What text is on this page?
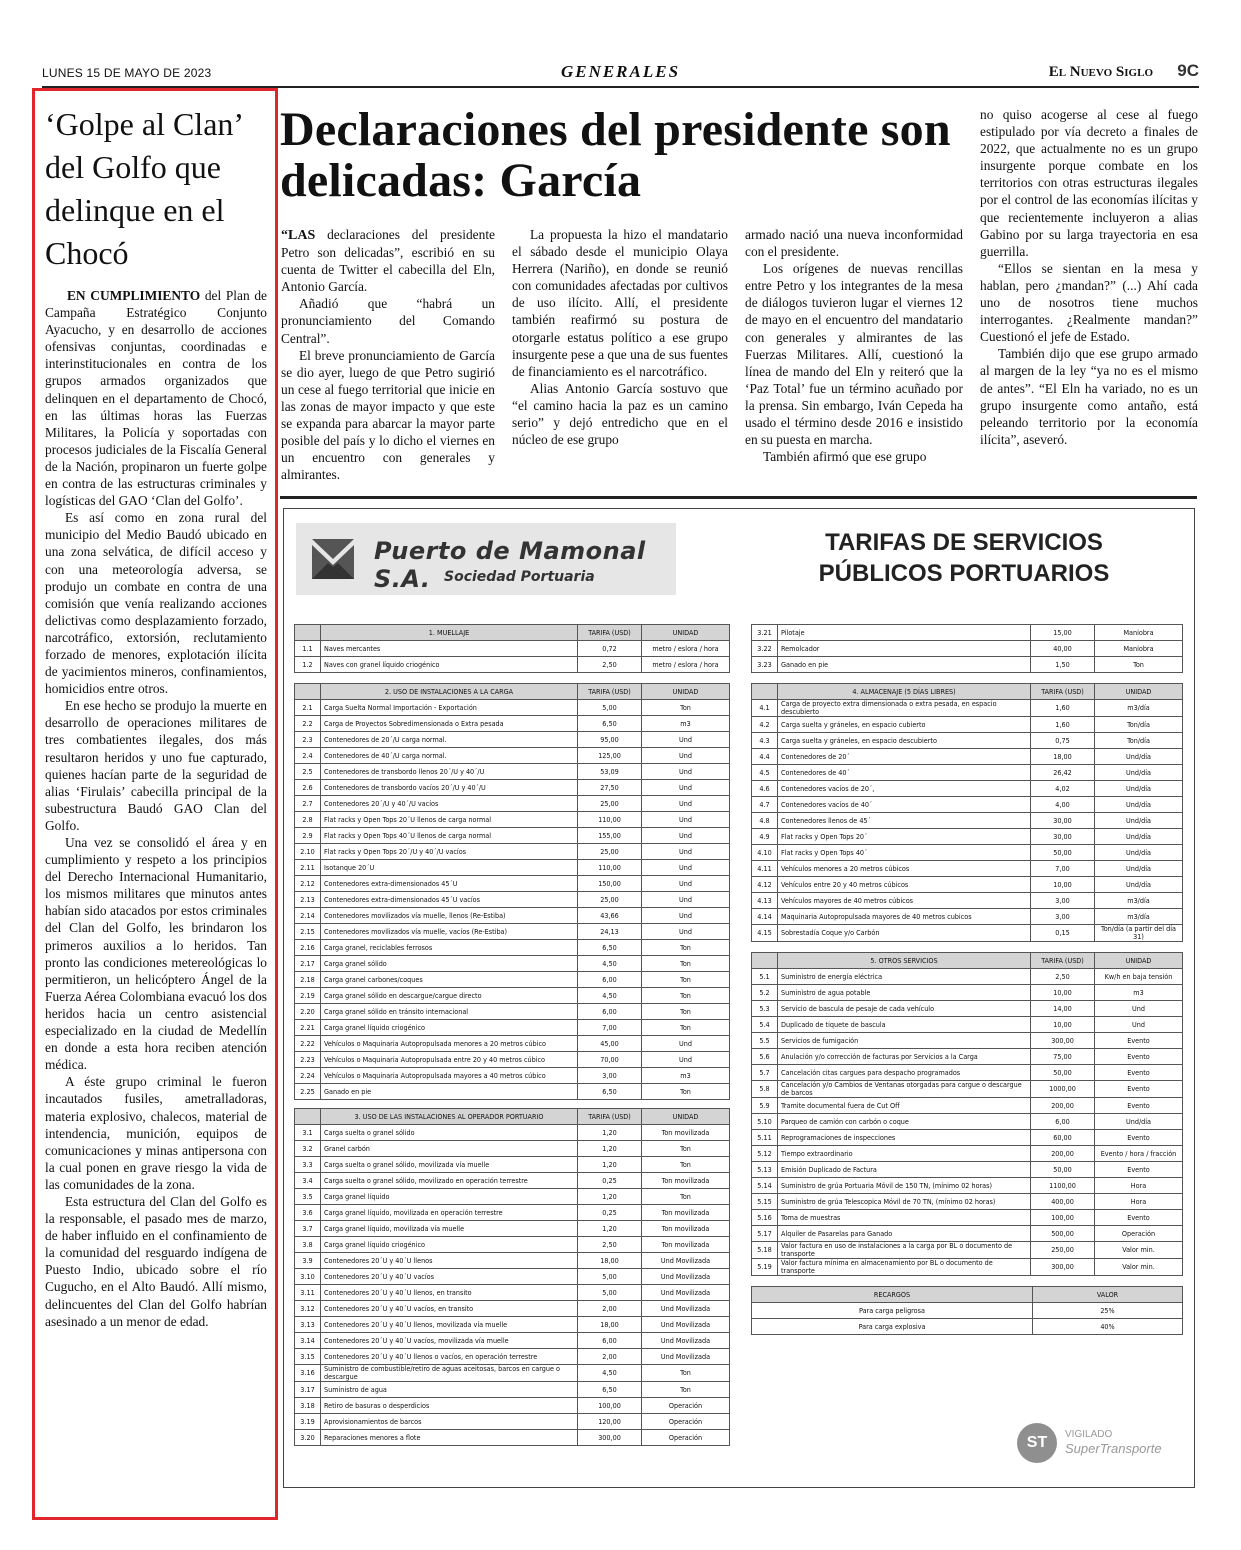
LUNES 15 DE MAYO DE 2023	GENERALES	El Nuevo Siglo 9C
‘Golpe al Clan’ del Golfo que delinque en el Chocó

EN CUMPLIMIENTO del Plan de Campaña Estratégico Conjunto Ayacucho, y en desarrollo de acciones ofensivas conjuntas, coordinadas e interinstitucionales en contra de los grupos armados organizados que delinquen en el departamento de Chocó, en las últimas horas las Fuerzas Militares, la Policía y soportadas con procesos judiciales de la Fiscalía General de la Nación, propinaron un fuerte golpe en contra de las estructuras criminales y logísticas del GAO ‘Clan del Golfo’.

Es así como en zona rural del municipio del Medio Baudó ubicado en una zona selvática, de difícil acceso y con una meteorología adversa, se produjo un combate en contra de una comisión que venía realizando acciones delictivas como desplazamiento forzado, narcotráfico, extorsión, reclutamiento forzado de menores, explotación ilícita de yacimientos mineros, confinamientos, homicidios entre otros.

En ese hecho se produjo la muerte en desarrollo de operaciones militares de tres combatientes ilegales, dos más resultaron heridos y uno fue capturado, quienes hacían parte de la seguridad de alias ‘Firulais’ cabecilla principal de la subestructura Baudó GAO Clan del Golfo.

Una vez se consolidó el área y en cumplimiento y respeto a los principios del Derecho Internacional Humanitario, los mismos militares que minutos antes habían sido atacados por estos criminales del Clan del Golfo, les brindaron los primeros auxilios a lo heridos. Tan pronto las condiciones metereológicas lo permitieron, un helicóptero Ángel de la Fuerza Aérea Colombiana evacuó los dos heridos hacia un centro asistencial especializado en la ciudad de Medellín en donde a esta hora reciben atención médica.

A éste grupo criminal le fueron incautados fusiles, ametralladoras, materia explosivo, chalecos, material de intendencia, munición, equipos de comunicaciones y minas antipersona con la cual ponen en grave riesgo la vida de las comunidades de la zona.

Esta estructura del Clan del Golfo es la responsable, el pasado mes de marzo, de haber influido en el confinamiento de la comunidad del resguardo indígena de Puesto Indio, ubicado sobre el río Cugucho, en el Alto Baudó. Allí mismo, delincuentes del Clan del Golfo habrían asesinado a un menor de edad.

Declaraciones del presidente son delicadas: García

“LAS declaraciones del presidente Petro son delicadas”, escribió en su cuenta de Twitter el cabecilla del Eln, Antonio García.

Añadió que “habrá un pronunciamiento del Comando Central”.

El breve pronunciamiento de García se dio ayer, luego de que Petro sugirió un cese al fuego territorial que inicie en las zonas de mayor impacto y que este se expanda para abarcar la mayor parte posible del país y lo dicho el viernes en un encuentro con generales y almirantes.

La propuesta la hizo el mandatario el sábado desde el municipio Olaya Herrera (Nariño), en donde se reunió con comunidades afectadas por cultivos de uso ilícito. Allí, el presidente también reafirmó su postura de otorgarle estatus político a ese grupo insurgente pese a que una de sus fuentes de financiamiento es el narcotráfico.

Alias Antonio García sostuvo que “el camino hacia la paz es un camino serio” y dejó entredicho que en el núcleo de ese grupo

armado nació una nueva inconformidad con el presidente.

Los orígenes de nuevas rencillas entre Petro y los integrantes de la mesa de diálogos tuvieron lugar el viernes 12 de mayo en el encuentro del mandatario con generales y almirantes de las Fuerzas Militares. Allí, cuestionó la línea de mando del Eln y reiteró que la ‘Paz Total’ fue un término acuñado por la prensa. Sin embargo, Iván Cepeda ha usado el término desde 2016 e insistido en su puesta en marcha.

También afirmó que ese grupo

no quiso acogerse al cese al fuego estipulado por vía decreto a finales de 2022, que actualmente no es un grupo insurgente porque combate en los territorios con otras estructuras ilegales por el control de las economías ilícitas y que recientemente incluyeron a alias Gabino por su larga trayectoria en esa guerrilla.

“Ellos se sientan en la mesa y hablan, pero ¿mandan?” (...) Ahí cada uno de nosotros tiene muchos interrogantes. ¿Realmente mandan?” Cuestionó el jefe de Estado.

También dijo que ese grupo armado al margen de la ley “ya no es el mismo de antes”. “El Eln ha variado, no es un grupo insurgente como antaño, está peleando territorio por la economía ilícita”, aseveró.

Puerto de Mamonal S.A. Sociedad Portuaria
TARIFAS DE SERVICIOS PÚBLICOS PORTUARIOS
ST	VIGILADO
SuperTransporte
	1. MUELLAJE	TARIFA (USD)	UNIDAD
1.1	Naves mercantes	0,72	metro / eslora / hora
1.2	Naves con granel líquido criogénico	2,50	metro / eslora / hora
	2. USO DE INSTALACIONES A LA CARGA	TARIFA (USD)	UNIDAD
2.1	Carga Suelta Normal Importación - Exportación	5,00	Ton
2.2	Carga de Proyectos Sobredimensionada o Extra pesada	6,50	m3
2.3	Contenedores de 20´/U carga normal.	95,00	Und
2.4	Contenedores de 40´/U carga normal.	125,00	Und
2.5	Contenedores de transbordo llenos 20´/U y 40´/U	53,09	Und
2.6	Contenedores de transbordo vacíos 20´/U y 40´/U	27,50	Und
2.7	Contenedores 20´/U y 40´/U vacíos	25,00	Und
2.8	Flat racks y Open Tops 20´U llenos de carga normal	110,00	Und
2.9	Flat racks y Open Tops 40´U llenos de carga normal	155,00	Und
2.10	Flat racks y Open Tops 20´/U y 40´/U vacíos	25,00	Und
2.11	Isotanque 20´U	110,00	Und
2.12	Contenedores extra-dimensionados 45´U	150,00	Und
2.13	Contenedores extra-dimensionados 45´U vacíos	25,00	Und
2.14	Contenedores movilizados vía muelle, llenos (Re-Estiba)	43,66	Und
2.15	Contenedores movilizados vía muelle, vacíos (Re-Estiba)	24,13	Und
2.16	Carga granel, reciclables ferrosos	6,50	Ton
2.17	Carga granel sólido	4,50	Ton
2.18	Carga granel carbones/coques	6,00	Ton
2.19	Carga granel sólido en descargue/cargue directo	4,50	Ton
2.20	Carga granel sólido en tránsito internacional	6,00	Ton
2.21	Carga granel líquido criogénico	7,00	Ton
2.22	Vehículos o Maquinaria Autopropulsada menores a 20 metros cúbico	45,00	Und
2.23	Vehículos o Maquinaria Autopropulsada entre 20 y 40 metros cúbico	70,00	Und
2.24	Vehículos o Maquinaria Autopropulsada mayores a 40 metros cúbico	3,00	m3
2.25	Ganado en pie	6,50	Ton
	3. USO DE LAS INSTALACIONES AL OPERADOR PORTUARIO	TARIFA (USD)	UNIDAD
3.1	Carga suelta o granel sólido	1,20	Ton movilizada
3.2	Granel carbón	1,20	Ton
3.3	Carga suelta o granel sólido, movilizada vía muelle	1,20	Ton
3.4	Carga suelta o granel sólido, movilizado en operación terrestre	0,25	Ton movilizada
3.5	Carga granel líquido	1,20	Ton
3.6	Carga granel líquido, movilizada en operación terrestre	0,25	Ton movilizada
3.7	Carga granel líquido, movilizada vía muelle	1,20	Ton movilizada
3.8	Carga granel líquido criogénico	2,50	Ton movilizada
3.9	Contenedores 20´U y 40´U llenos	18,00	Und Movilizada
3.10	Contenedores 20´U y 40´U vacíos	5,00	Und Movilizada
3.11	Contenedores 20´U y 40´U llenos, en transito	5,00	Und Movilizada
3.12	Contenedores 20´U y 40´U vacíos, en transito	2,00	Und Movilizada
3.13	Contenedores 20´U y 40´U llenos, movilizada vía muelle	18,00	Und Movilizada
3.14	Contenedores 20´U y 40´U vacíos, movilizada vía muelle	6,00	Und Movilizada
3.15	Contenedores 20´U y 40´U llenos o vacíos, en operación terrestre	2,00	Und Movilizada
3.16	Suministro de combustible/retiro de aguas aceitosas, barcos en cargue o descargue	4,50	Ton
3.17	Suministro de agua	6,50	Ton
3.18	Retiro de basuras o desperdicios	100,00	Operación
3.19	Aprovisionamientos de barcos	120,00	Operación
3.20	Reparaciones menores a flote	300,00	Operación
3.21	Pilotaje	15,00	Maniobra
3.22	Remolcador	40,00	Maniobra
3.23	Ganado en pie	1,50	Ton
	4. ALMACENAJE (5 DÍAS LIBRES)	TARIFA (USD)	UNIDAD
4.1	Carga de proyecto extra dimensionada o extra pesada, en espacio descubierto	1,60	m3/día
4.2	Carga suelta y gráneles, en espacio cubierto	1,60	Ton/día
4.3	Carga suelta y gráneles, en espacio descubierto	0,75	Ton/día
4.4	Contenedores de 20´	18,00	Und/día
4.5	Contenedores de 40´	26,42	Und/día
4.6	Contenedores vacíos de 20´,	4,02	Und/día
4.7	Contenedores vacíos de 40´	4,00	Und/día
4.8	Contenedores llenos de 45´	30,00	Und/día
4.9	Flat racks y Open Tops 20´	30,00	Und/día
4.10	Flat racks y Open Tops 40´	50,00	Und/día
4.11	Vehículos menores a 20 metros cúbicos	7,00	Und/día
4.12	Vehículos entre 20 y 40 metros cúbicos	10,00	Und/día
4.13	Vehículos mayores de 40 metros cúbicos	3,00	m3/día
4.14	Maquinaria Autopropulsada mayores de 40 metros cubicos	3,00	m3/día
4.15	Sobrestadía Coque y/o Carbón	0,15	Ton/día (a partir del día 31)
	5. OTROS SERVICIOS	TARIFA (USD)	UNIDAD
5.1	Suministro de energía eléctrica	2,50	Kw/h en baja tensión
5.2	Suministro de agua potable	10,00	m3
5.3	Servicio de bascula de pesaje de cada vehículo	14,00	Und
5.4	Duplicado de tiquete de bascula	10,00	Und
5.5	Servicios de fumigación	300,00	Evento
5.6	Anulación y/o corrección de facturas por Servicios a la Carga	75,00	Evento
5.7	Cancelación citas cargues para despacho programados	50,00	Evento
5.8	Cancelación y/o Cambios de Ventanas otorgadas para cargue o descargue de barcos	1000,00	Evento
5.9	Tramite documental fuera de Cut Off	200,00	Evento
5.10	Parqueo de camión con carbón o coque	6,00	Und/día
5.11	Reprogramaciones de inspecciones	60,00	Evento
5.12	Tiempo extraordinario	200,00	Evento / hora / fracción
5.13	Emisión Duplicado de Factura	50,00	Evento
5.14	Suministro de grúa Portuaria Móvil de 150 TN, (mínimo 02 horas)	1100,00	Hora
5.15	Suministro de grúa Telescopica Móvil de 70 TN, (mínimo 02 horas)	400,00	Hora
5.16	Toma de muestras	100,00	Evento
5.17	Alquiler de Pasarelas para Ganado	500,00	Operación
5.18	Valor factura en uso de instalaciones a la carga por BL o documento de transporte	250,00	Valor min.
5.19	Valor factura mínima en almacenamiento por BL o documento de transporte	300,00	Valor min.
RECARGOS	VALOR
Para carga peligrosa	25%
Para carga explosiva	40%
